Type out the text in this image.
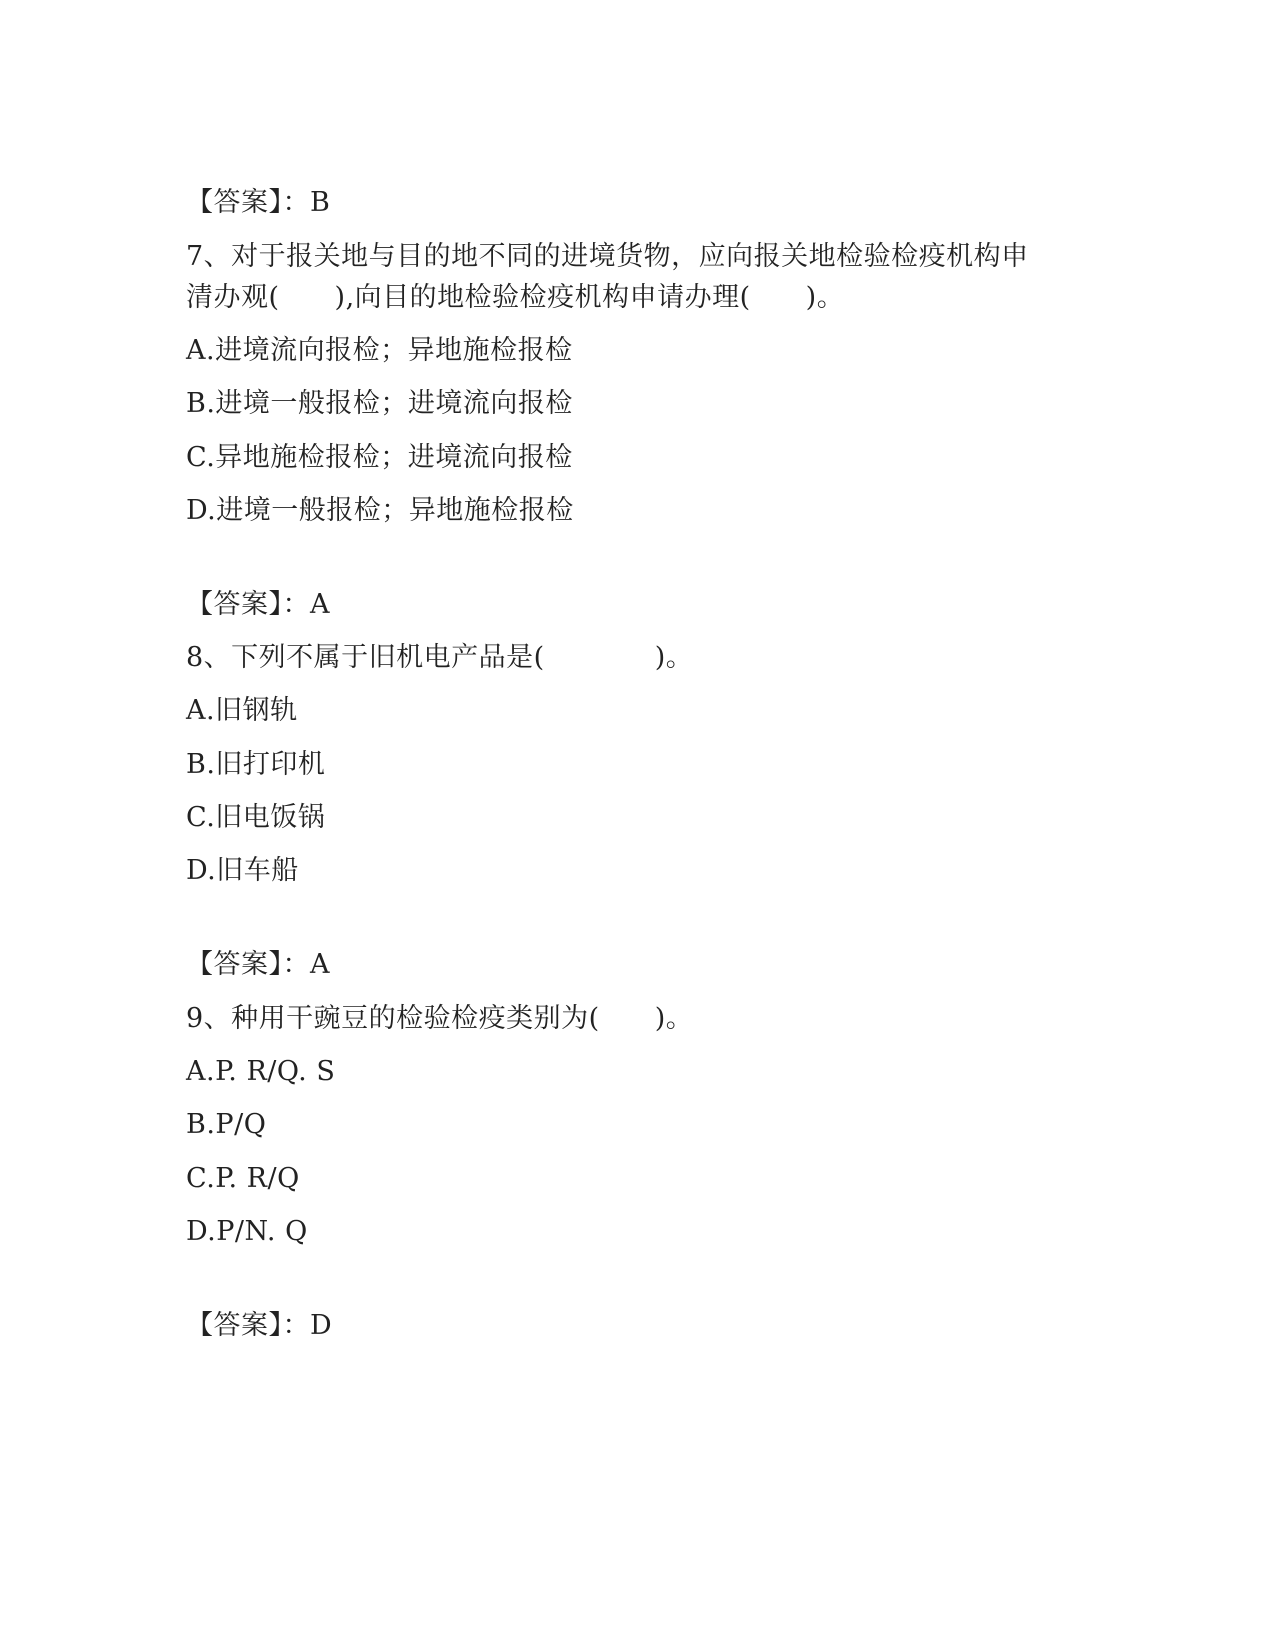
【答案】：B
7、对于报关地与目的地不同的进境货物，应向报关地检验检疫机构申
清办观(　　),向目的地检验检疫机构申请办理(　　)。
A.进境流向报检；异地施检报检
B.进境一般报检；进境流向报检
C.异地施检报检；进境流向报检
D.进境一般报检；异地施检报检
【答案】：A
8、下列不属于旧机电产品是(　　　　)。
A.旧钢轨
B.旧打印机
C.旧电饭锅
D.旧车船
【答案】：A
9、种用干豌豆的检验检疫类别为(　　)。
A.P. R/Q. S
B.P/Q
C.P. R/Q
D.P/N. Q
【答案】：D
